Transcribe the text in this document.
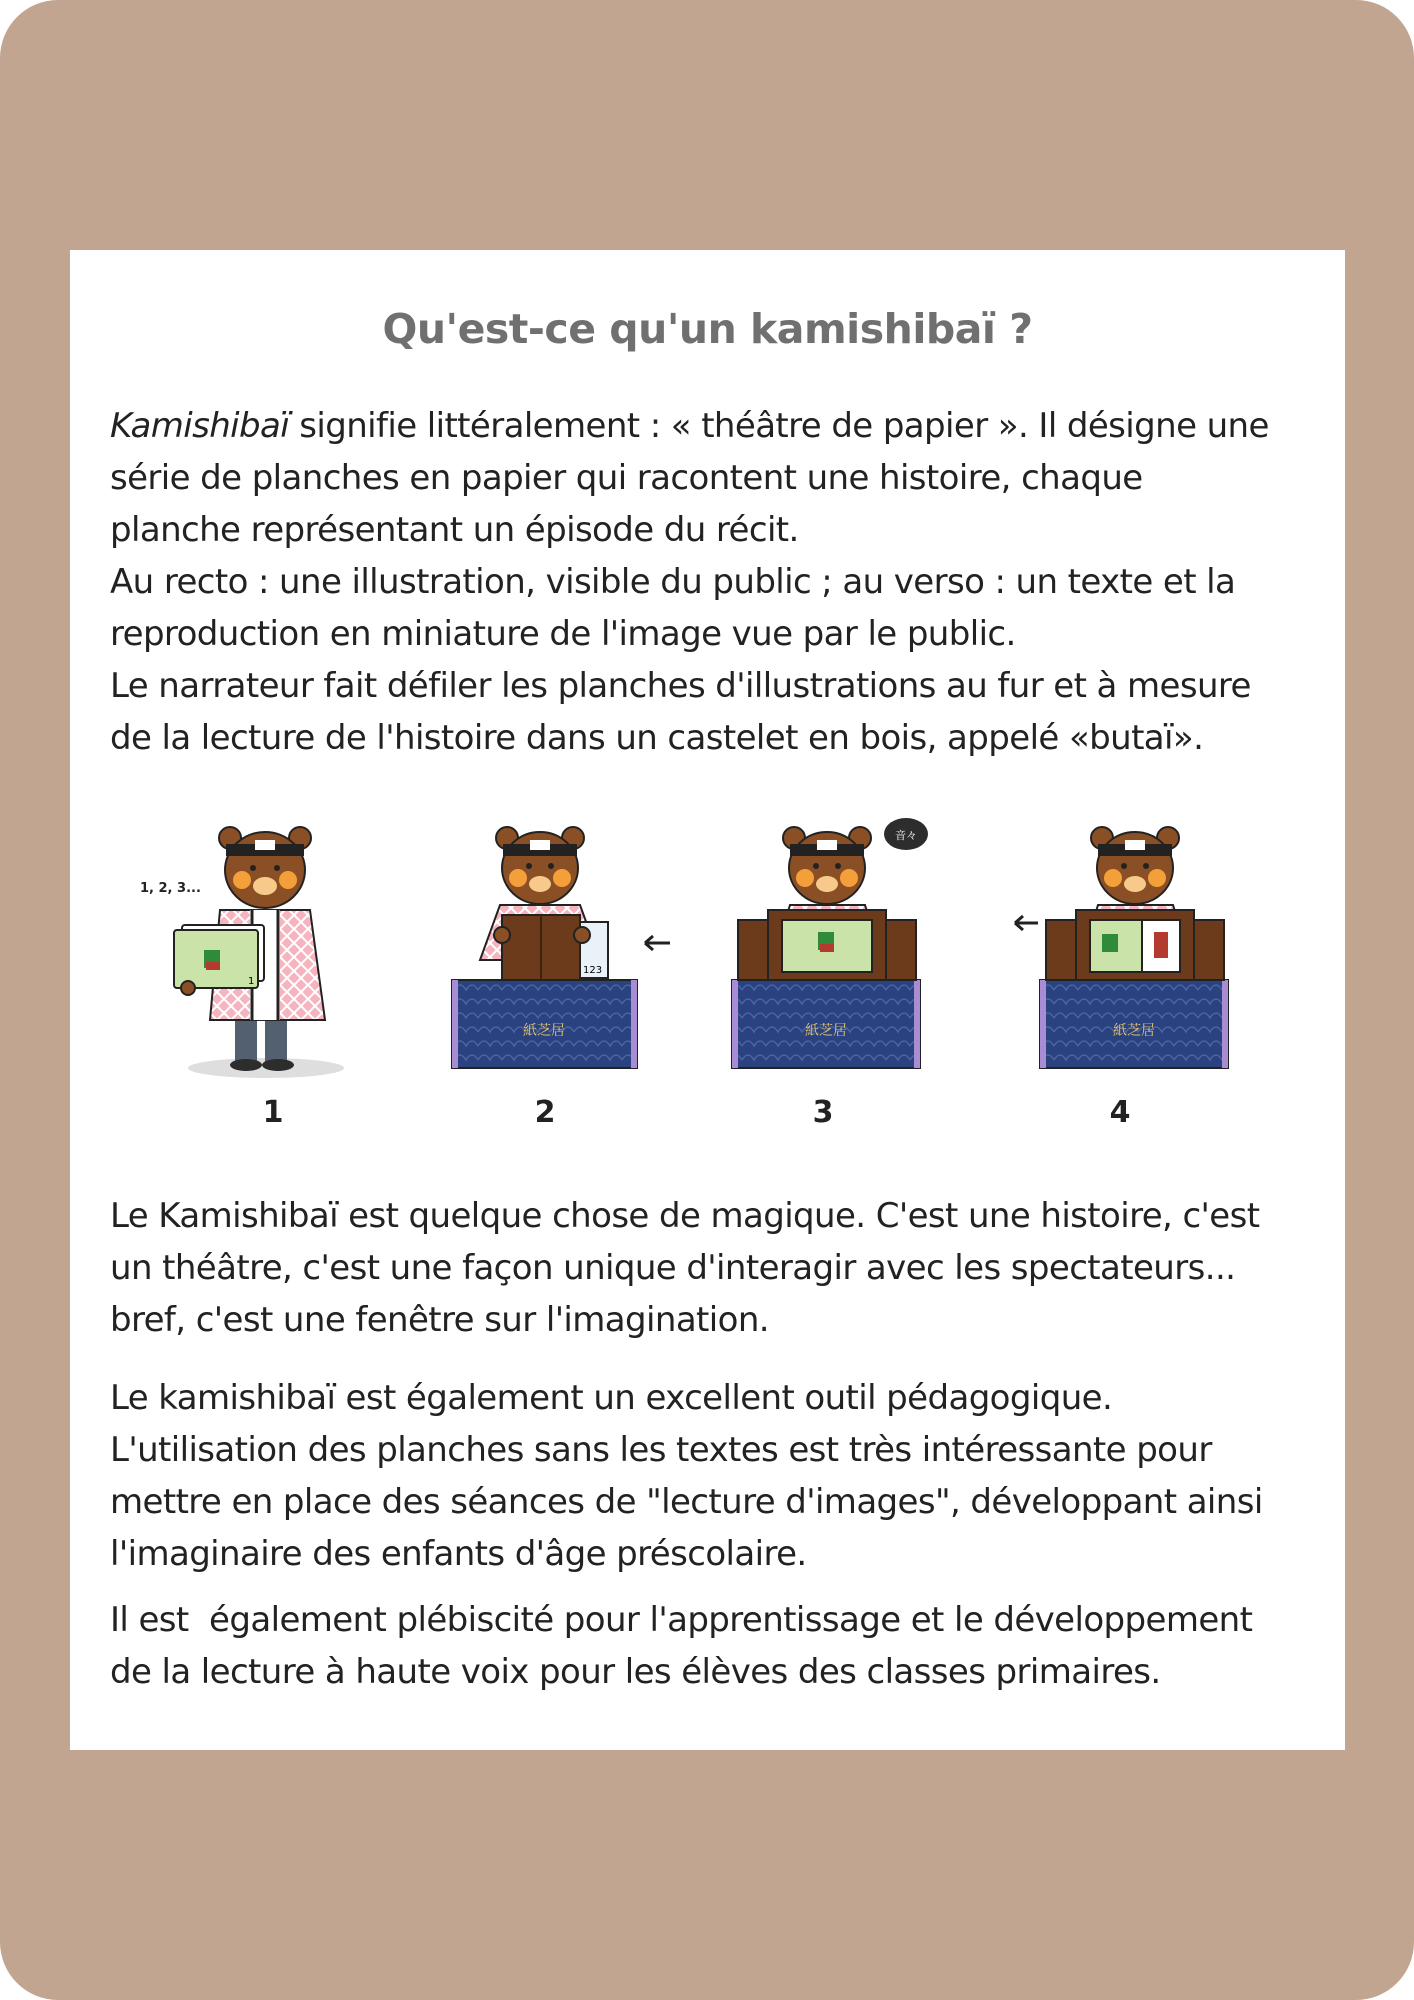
Qu'est-ce qu'un kamishibaï ?

Kamishibaï signifie littéralement : « théâtre de papier ». Il désigne une
série de planches en papier qui racontent une histoire, chaque
planche représentant un épisode du récit.
Au recto : une illustration, visible du public ; au verso : un texte et la
reproduction en miniature de l'image vue par le public.
Le narrateur fait défiler les planches d'illustrations au fur et à mesure
de la lecture de l'histoire dans un castelet en bois, appelé «butaï».

1
1, 2, 3...
紙芝居
123
紙芝居
音々
紙芝居
1	2	3	4

Le Kamishibaï est quelque chose de magique. C'est une histoire, c'est
un théâtre, c'est une façon unique d'interagir avec les spectateurs...
bref, c'est une fenêtre sur l'imagination.

Le kamishibaï est également un excellent outil pédagogique.
L'utilisation des planches sans les textes est très intéressante pour
mettre en place des séances de "lecture d'images", développant ainsi
l'imaginaire des enfants d'âge préscolaire.

Il est  également plébiscité pour l'apprentissage et le développement
de la lecture à haute voix pour les élèves des classes primaires.
